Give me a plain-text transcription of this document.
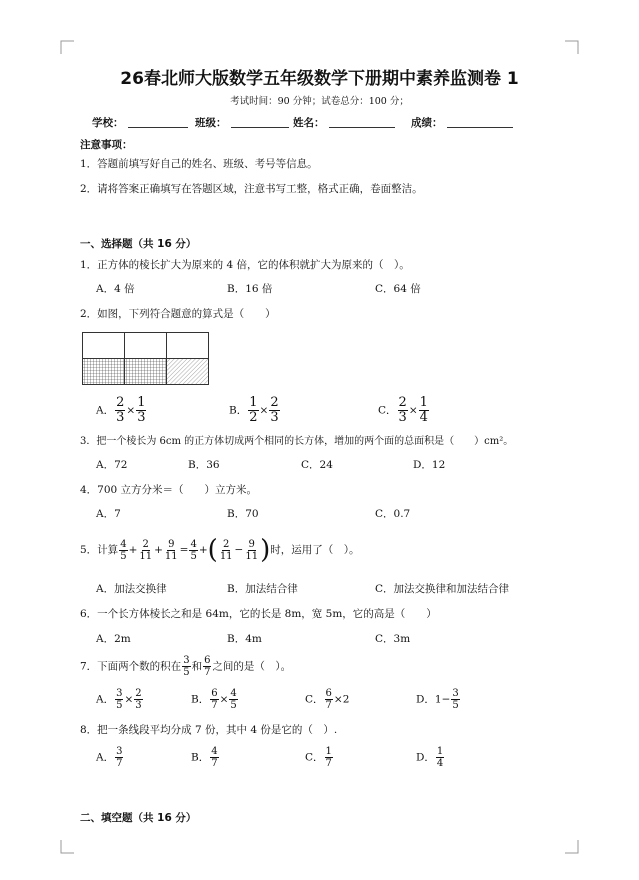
26春北师大版数学五年级数学下册期中素养监测卷 1
考试时间：90 分钟；试卷总分：100 分；
学校：	班级：	姓名：	成绩：
注意事项：
1．答题前填写好自己的姓名、班级、考号等信息。
2．请将答案正确填写在答题区域，注意书写工整，格式正确，卷面整洁。
一、选择题（共 16 分）
1．正方体的棱长扩大为原来的 4 倍，它的体积就扩大为原来的（　）。
A．4 倍	B．16 倍	C．64 倍
2．如图，下列符合题意的算式是（　　）
A． $\frac{2}{3} \times \frac{1}{3}$	B． $\frac{1}{2} \times \frac{2}{3}$	C． $\frac{2}{3} \times \frac{1}{4}$
3．把一个棱长为 6cm 的正方体切成两个相同的长方体，增加的两个面的总面积是（　　）cm²。
A．72	B．36	C．24	D．12
4．700 立方分米＝（　　）立方米。
A．7	B．70	C．0.7
5．计算 $\frac{4}{5} + \frac{2}{11} + \frac{9}{11} = \frac{4}{5}$ +( $\frac{2}{11} - \frac{9}{11}$ )时，运用了（　）。
A．加法交换律	B．加法结合律	C．加法交换律和加法结合律
6．一个长方体棱长之和是 64m，它的长是 8m，宽 5m，它的高是（　　）
A．2m	B．4m	C．3m
7．下面两个数的积在 $\frac{3}{5}$ 和 $\frac{6}{7}$ 之间的是（　）。
A． $\frac{3}{5} \times \frac{2}{3}$	B． $\frac{6}{7} \times \frac{4}{5}$	C． $\frac{6}{7} \times 2$	D．$1- \frac{3}{5}$
8．把一条线段平均分成 7 份，其中 4 份是它的（　）.
A． $\frac{3}{7}$	B． $\frac{4}{7}$	C． $\frac{1}{7}$	D． $\frac{1}{4}$
二、填空题（共 16 分）
